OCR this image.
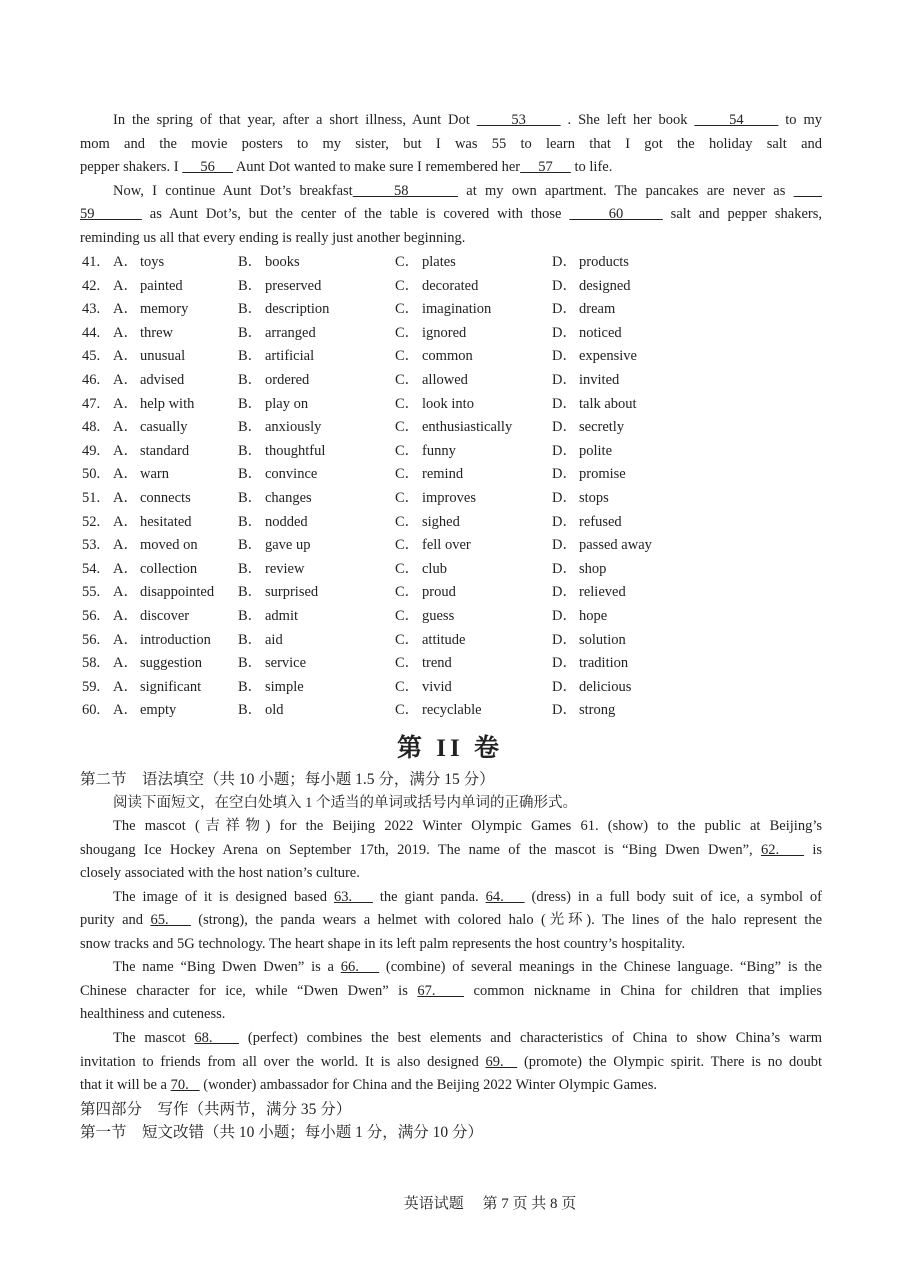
In the spring of that year, after a short illness, Aunt Dot      53      . She left her book      54      to my
mom and the movie posters to my sister, but I was 55 to learn that I got the holiday salt and
pepper shakers. I      56      Aunt Dot wanted to make sure I remembered her     57      to life.
Now, I continue Aunt Dot’s breakfast     58       at my own apartment. The pancakes are never as
59       as Aunt Dot’s, but the center of the table is covered with those      60      salt and pepper shakers,
reminding us all that every ending is really just another beginning.
41. A． toys	B． books	C． plates	D． products
42. A． painted	B． preserved	C． decorated	D． designed
43. A． memory	B． description	C． imagination	D． dream
44. A． threw	B． arranged	C． ignored	D． noticed
45. A． unusual	B． artificial	C． common	D． expensive
46. A． advised	B． ordered	C． allowed	D． invited
47. A． help with	B． play on	C． look into	D． talk about
48. A． casually	B． anxiously	C． enthusiastically	D． secretly
49. A． standard	B． thoughtful	C． funny	D． polite
50. A． warn	B． convince	C． remind	D． promise
51. A． connects	B． changes	C． improves	D． stops
52. A． hesitated	B． nodded	C． sighed	D． refused
53. A． moved on	B． gave up	C． fell over	D． passed away
54. A． collection	B． review	C． club	D． shop
55. A． disappointed B． surprised	C． proud	D． relieved
56. A． discover	B． admit	C． guess	D． hope
56. A． introduction B． aid	C． attitude	D． solution
58. A． suggestion B． service	C． trend	D． tradition
59. A． significant	B． simple	C． vivid	D． delicious
60. A． empty	B． old	C． recyclable	D． strong
第 II 卷
第二节　语法填空（共 10 小题；每小题 1.5 分，满分 15 分）
阅读下面短文，在空白处填入 1 个适当的单词或括号内单词的正确形式。
The mascot (吉祥物) for the Beijing 2022 Winter Olympic Games 61. (show) to the public at Beijing’s
shougang Ice Hockey Arena on September 17th, 2019. The name of the mascot is “Bing Dwen Dwen”, 62.    is
closely associated with the host nation’s culture.
The image of it is designed based 63.    the giant panda. 64.    (dress) in a full body suit of ice, a symbol of
purity and 65.    (strong), the panda wears a helmet with colored halo (光环). The lines of the halo represent the
snow tracks and 5G technology. The heart shape in its left palm represents the host country’s hospitality.
The name “Bing Dwen Dwen” is a 66.    (combine) of several meanings in the Chinese language. “Bing” is the
Chinese character for ice, while “Dwen Dwen” is 67.    common nickname in China for children that implies
healthiness and cuteness.
The mascot 68.    (perfect) combines the best elements and characteristics of China to show China’s warm
invitation to friends from all over the world. It is also designed 69.   (promote) the Olympic spirit. There is no doubt
that it will be a 70.    (wonder) ambassador for China and the Beijing 2022 Winter Olympic Games.
第四部分　写作（共两节，满分 35 分）
第一节　短文改错（共 10 小题；每小题 1 分，满分 10 分）
英语试题　 第 7 页 共 8 页
